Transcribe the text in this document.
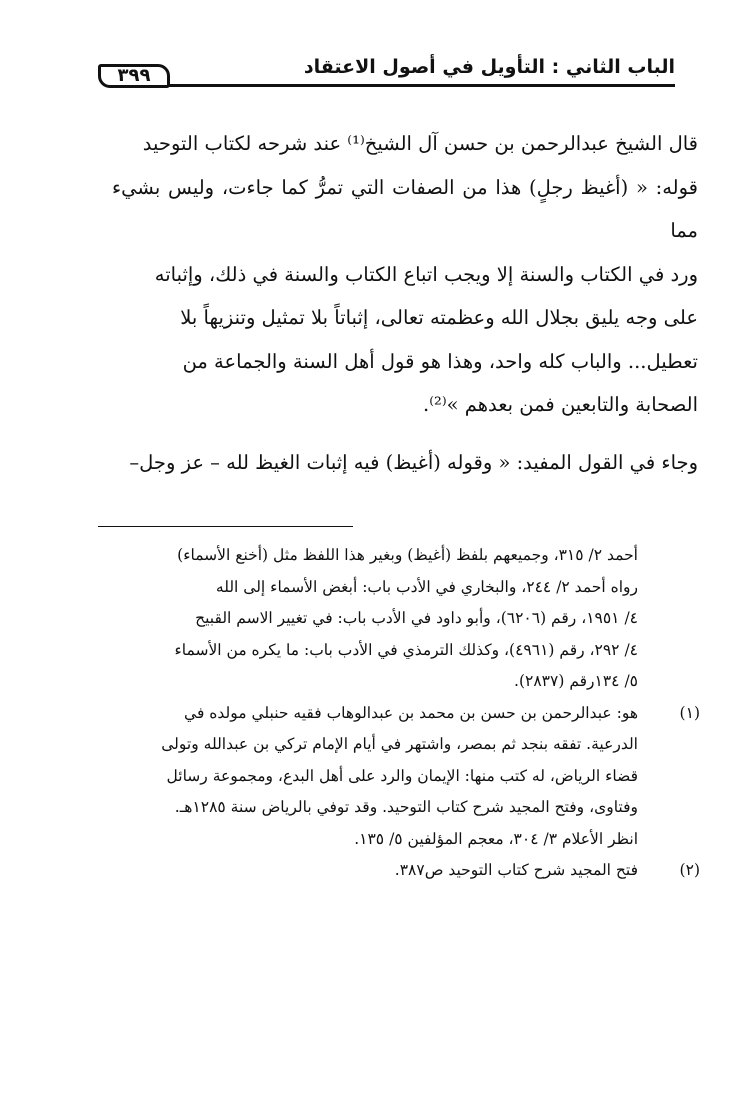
الباب الثاني : التأويل في أصول الاعتقاد
٣٩٩

قال الشيخ عبدالرحمن بن حسن آل الشيخ⁽¹⁾ عند شرحه لكتاب التوحيد

قوله: « (أغيظ رجلٍ) هذا من الصفات التي تمرُّ كما جاءت، وليس بشيء مما

ورد في الكتاب والسنة إلا ويجب اتباع الكتاب والسنة في ذلك، وإثباته

على وجه يليق بجلال الله وعظمته تعالى، إثباتاً بلا تمثيل وتنزيهاً بلا

تعطيل... والباب كله واحد، وهذا هو قول أهل السنة والجماعة من

الصحابة والتابعين فمن بعدهم »⁽²⁾.

وجاء في القول المفيد: « وقوله (أغيظ) فيه إثبات الغيظ لله – عز وجل–

أحمد ٢/ ٣١٥، وجميعهم بلفظ (أغيظ) وبغير هذا اللفظ مثل (أخنع الأسماء)

رواه أحمد ٢/ ٢٤٤، والبخاري في الأدب باب: أبغض الأسماء إلى الله

٤/ ١٩٥١، رقم (٦٢٠٦)، وأبو داود في الأدب باب: في تغيير الاسم القبيح

٤/ ٢٩٢، رقم (٤٩٦١)، وكذلك الترمذي في الأدب باب: ما يكره من الأسماء

٥/ ١٣٤رقم (٢٨٣٧).

(١)

هو: عبدالرحمن بن حسن بن محمد بن عبدالوهاب فقيه حنبلي مولده في

الدرعية. تفقه بنجد ثم بمصر، واشتهر في أيام الإمام تركي بن عبدالله وتولى

قضاء الرياض، له كتب منها: الإيمان والرد على أهل البدع، ومجموعة رسائل

وفتاوى، وفتح المجيد شرح كتاب التوحيد. وقد توفي بالرياض سنة ١٢٨٥هـ.

انظر الأعلام ٣/ ٣٠٤، معجم المؤلفين ٥/ ١٣٥.

(٢)

فتح المجيد شرح كتاب التوحيد ص٣٨٧.
